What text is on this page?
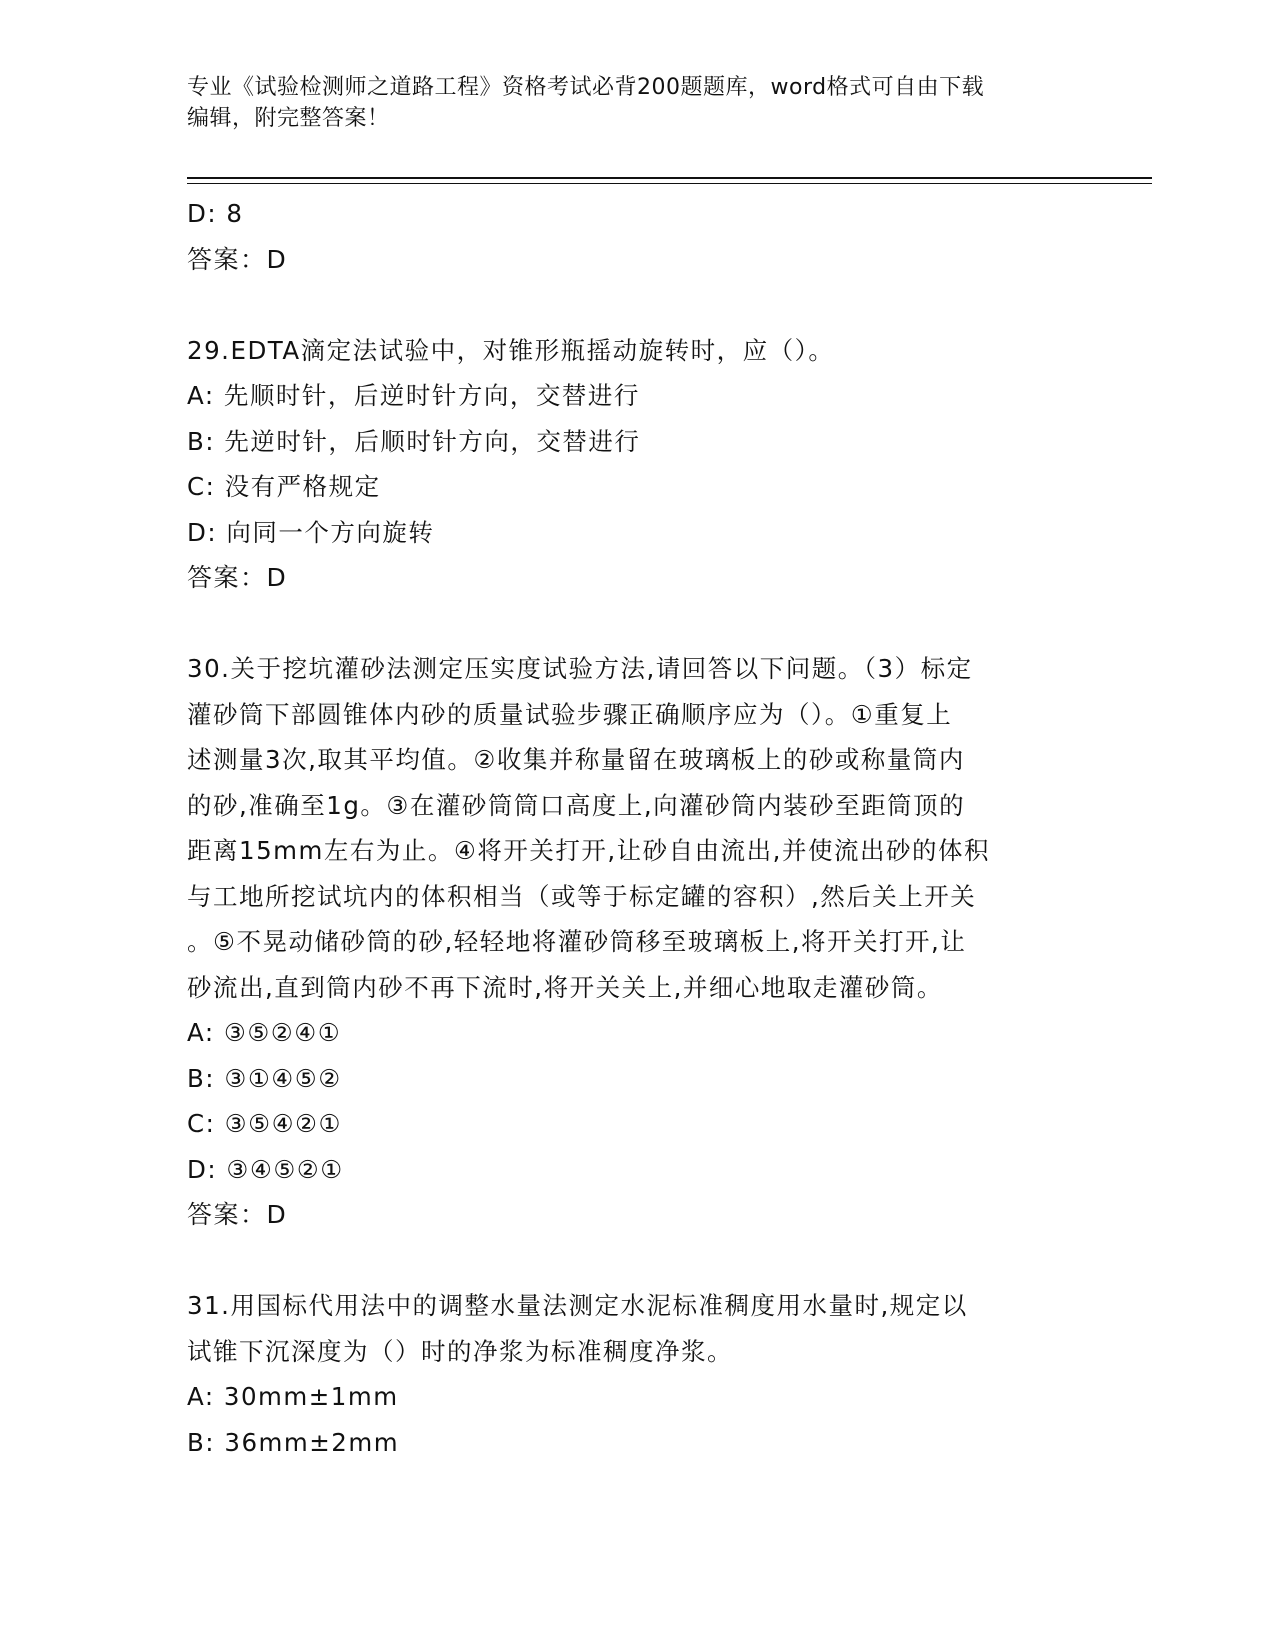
专业《试验检测师之道路工程》资格考试必背200题题库，word格式可自由下载
编辑，附完整答案！
D: 8
答案：D
29.EDTA滴定法试验中，对锥形瓶摇动旋转时，应（）。
A: 先顺时针，后逆时针方向，交替进行
B: 先逆时针，后顺时针方向，交替进行
C: 没有严格规定
D: 向同一个方向旋转
答案：D
30.关于挖坑灌砂法测定压实度试验方法,请回答以下问题。（3）标定
灌砂筒下部圆锥体内砂的质量试验步骤正确顺序应为（）。①重复上
述测量3次,取其平均值。②收集并称量留在玻璃板上的砂或称量筒内
的砂,准确至1g。③在灌砂筒筒口高度上,向灌砂筒内装砂至距筒顶的
距离15mm左右为止。④将开关打开,让砂自由流出,并使流出砂的体积
与工地所挖试坑内的体积相当（或等于标定罐的容积）,然后关上开关
。⑤不晃动储砂筒的砂,轻轻地将灌砂筒移至玻璃板上,将开关打开,让
砂流出,直到筒内砂不再下流时,将开关关上,并细心地取走灌砂筒。
A: ③⑤②④①
B: ③①④⑤②
C: ③⑤④②①
D: ③④⑤②①
答案：D
31.用国标代用法中的调整水量法测定水泥标准稠度用水量时,规定以
试锥下沉深度为（）时的净浆为标准稠度净浆。
A: 30mm±1mm
B: 36mm±2mm
